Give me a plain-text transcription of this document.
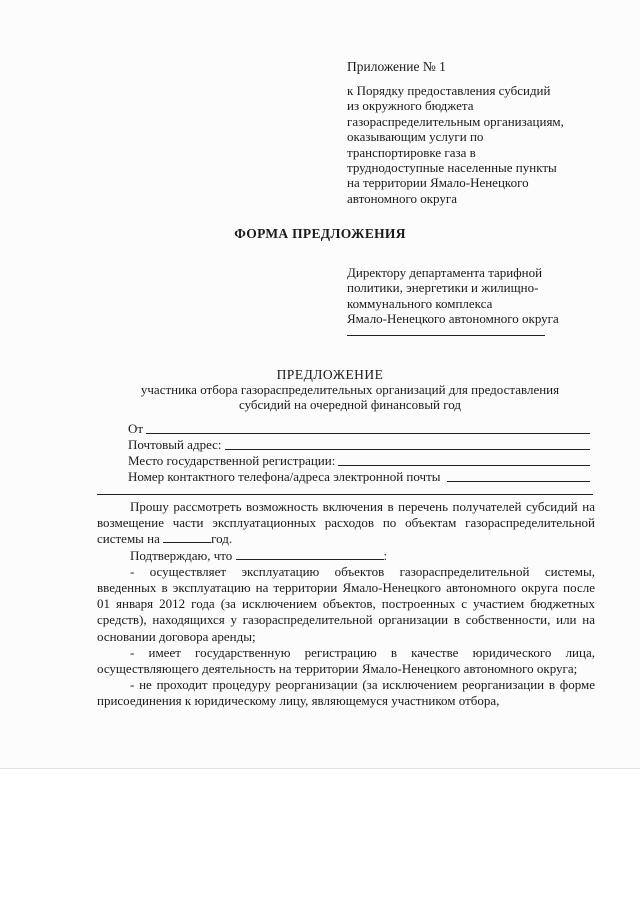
Приложение № 1
к Порядку предоставления субсидий
из окружного бюджета
газораспределительным организациям,
оказывающим услуги по
транспортировке газа в
труднодоступные населенные пункты
на территории Ямало-Ненецкого
автономного округа
ФОРМА ПРЕДЛОЖЕНИЯ
Директору департамента тарифной
политики, энергетики и жилищно-
коммунального комплекса
Ямало-Ненецкого автономного округа
ПРЕДЛОЖЕНИЕ
участника отбора газораспределительных организаций для предоставления
субсидий на очередной финансовый год
От
Почтовый адрес:
Место государственной регистрации:
Номер контактного телефона/адреса электронной почты

Прошу рассмотреть возможность включения в перечень получателей субсидий на возмещение части эксплуатационных расходов по объектам газораспределительной системы на	год.

Подтверждаю, что	:

- осуществляет эксплуатацию объектов газораспределительной системы, введенных в эксплуатацию на территории Ямало-Ненецкого автономного округа после 01 января 2012 года (за исключением объектов, построенных с участием бюджетных средств), находящихся у газораспределительной организации в собственности, или на основании договора аренды;

- имеет государственную регистрацию в качестве юридического лица, осуществляющего деятельность на территории Ямало-Ненецкого автономного округа;

- не проходит процедуру реорганизации (за исключением реорганизации в форме присоединения к юридическому лицу, являющемуся участником отбора,
